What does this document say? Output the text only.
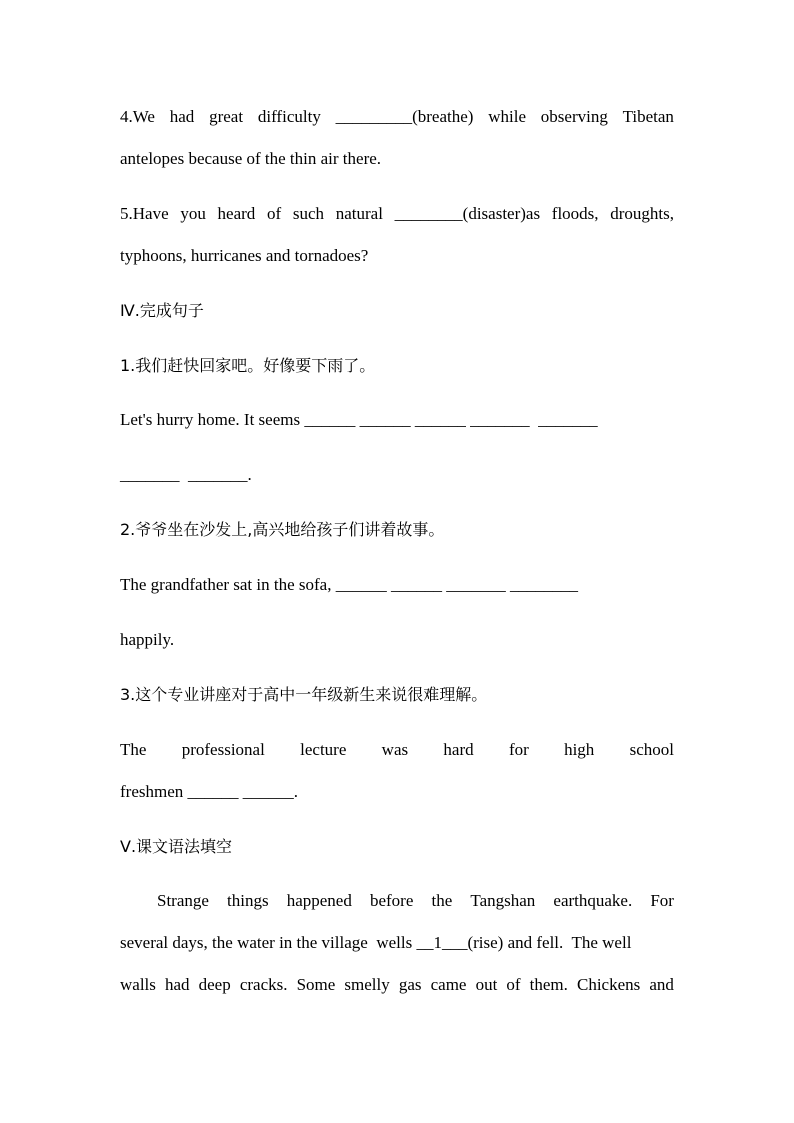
4.We had great difficulty _________(breathe) while observing Tibetan
antelopes because of the thin air there.
5.Have you heard of such natural ________(disaster)as floods, droughts,
typhoons, hurricanes and tornadoes?
Ⅳ.完成句子
1.我们赶快回家吧。好像要下雨了。
Let's hurry home. It seems ______ ______ ______ _______  _______
_______  _______.
2.爷爷坐在沙发上,高兴地给孩子们讲着故事。
The grandfather sat in the sofa, ______ ______ _______ ________
happily.
3.这个专业讲座对于高中一年级新生来说很难理解。
The professional lecture was hard for high school
freshmen ______ ______.
Ⅴ.课文语法填空
Strange things happened before the Tangshan earthquake. For
several days, the water in the village  wells __1___(rise) and fell.  The well
walls had deep cracks. Some smelly gas came out of them. Chickens and
